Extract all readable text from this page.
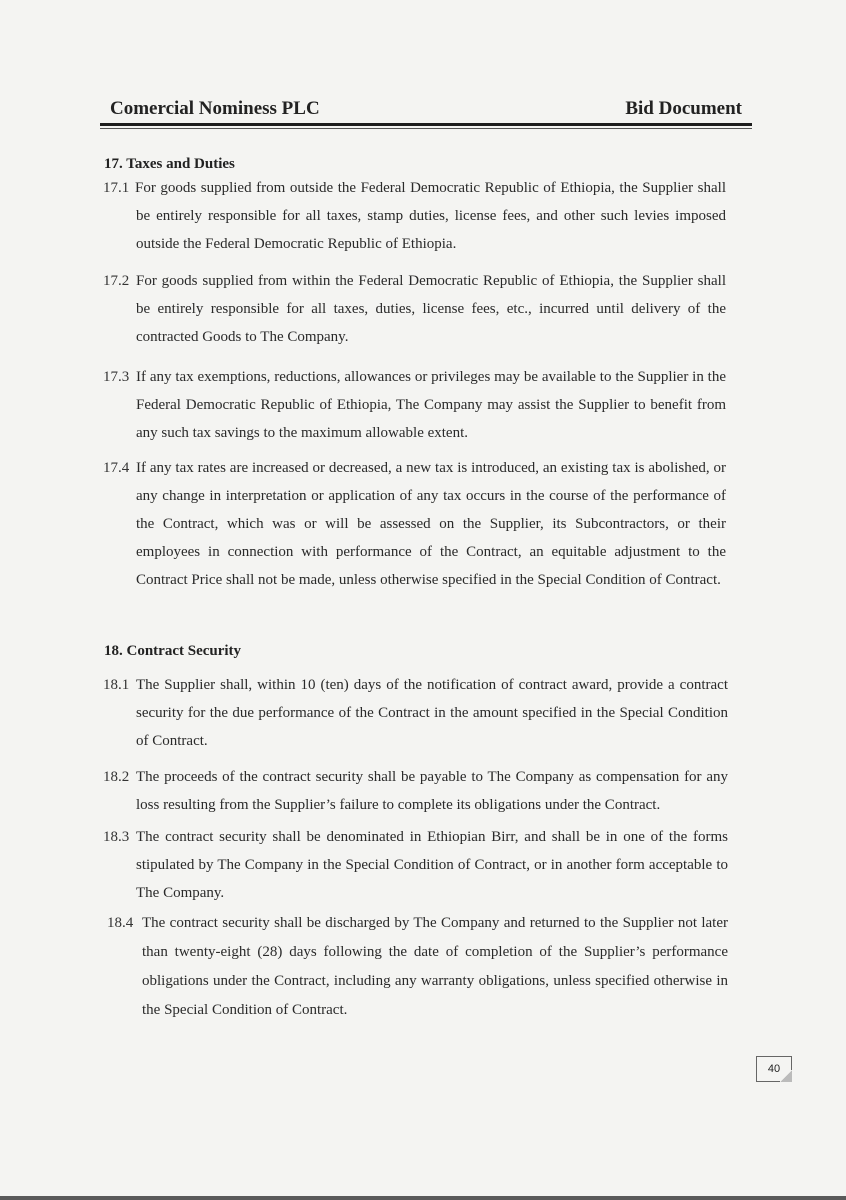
Comercial Nominess PLC	Bid Document
17. Taxes and Duties
17.1 For goods supplied from outside the Federal Democratic Republic of Ethiopia, the Supplier shall be entirely responsible for all taxes, stamp duties, license fees, and other such levies imposed outside the Federal Democratic Republic of Ethiopia.
17.2 For goods supplied from within the Federal Democratic Republic of Ethiopia, the Supplier shall be entirely responsible for all taxes, duties, license fees, etc., incurred until delivery of the contracted Goods to The Company.
17.3 If any tax exemptions, reductions, allowances or privileges may be available to the Supplier in the Federal Democratic Republic of Ethiopia, The Company may assist the Supplier to benefit from any such tax savings to the maximum allowable extent.
17.4 If any tax rates are increased or decreased, a new tax is introduced, an existing tax is abolished, or any change in interpretation or application of any tax occurs in the course of the performance of the Contract, which was or will be assessed on the Supplier, its Subcontractors, or their employees in connection with performance of the Contract, an equitable adjustment to the Contract Price shall not be made, unless otherwise specified in the Special Condition of Contract.
18. Contract Security
18.1 The Supplier shall, within 10 (ten) days of the notification of contract award, provide a contract security for the due performance of the Contract in the amount specified in the Special Condition of Contract.
18.2 The proceeds of the contract security shall be payable to The Company as compensation for any loss resulting from the Supplier’s failure to complete its obligations under the Contract.
18.3 The contract security shall be denominated in Ethiopian Birr, and shall be in one of the forms stipulated by The Company in the Special Condition of Contract, or in another form acceptable to The Company.
18.4 The contract security shall be discharged by The Company and returned to the Supplier not later than twenty-eight (28) days following the date of completion of the Supplier’s performance obligations under the Contract, including any warranty obligations, unless specified otherwise in the Special Condition of Contract.
40
